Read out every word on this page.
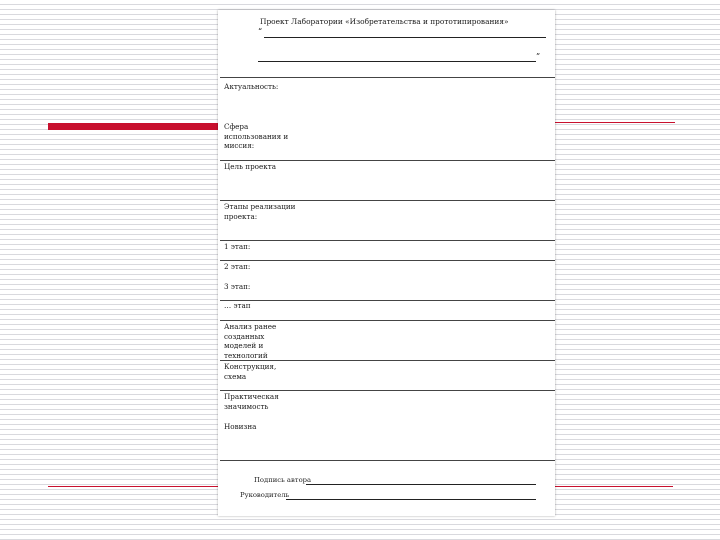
Проект Лаборатории «Изобретательства и прототипирования»
“
”
Актуальность:
Сфера использования и миссия:
Цель проекта
Этапы реализации проекта:
1 этап:
2 этап:
3 этап:
… этап
Анализ ранее созданных моделей и технологий
Конструкция, схема
Практическая значимость
Новизна
Подпись автора
Руководитель
